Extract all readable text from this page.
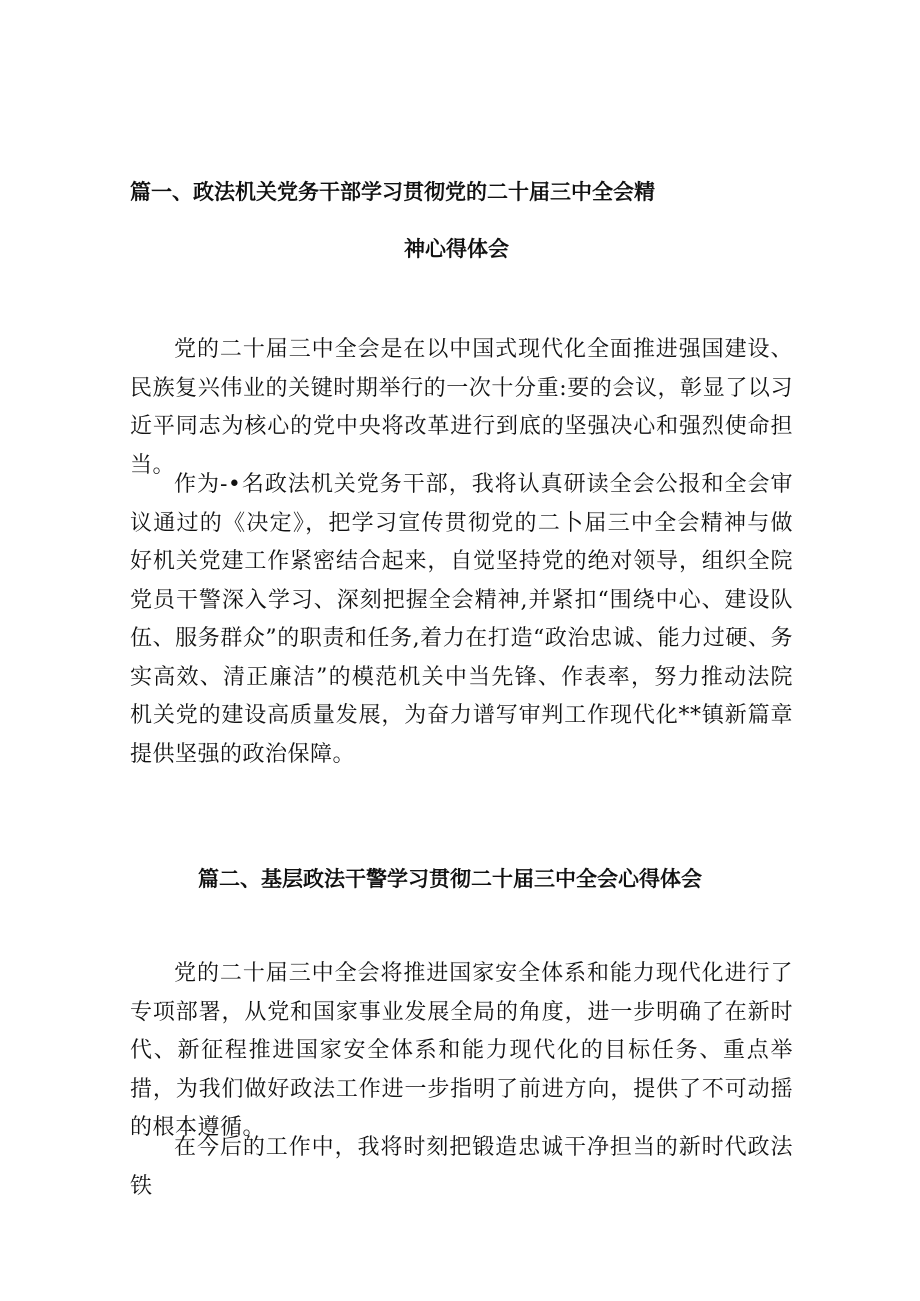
篇一、政法机关党务干部学习贯彻党的二十届三中全会精
神心得体会

党的二十届三中全会是在以中国式现代化全面推进强国建设、民族复兴伟业的关键时期举行的一次十分重:要的会议，彰显了以习近平同志为核心的党中央将改革进行到底的坚强决心和强烈使命担当。

作为-•名政法机关党务干部，我将认真研读全会公报和全会审议通过的《决定》，把学习宣传贯彻党的二卜届三中全会精神与做好机关党建工作紧密结合起来，自觉坚持党的绝对领导，组织全院党员干警深入学习、深刻把握全会精神,并紧扣“围绕中心、建设队伍、服务群众”的职责和任务,着力在打造“政治忠诚、能力过硬、务实高效、清正廉洁”的模范机关中当先锋、作表率，努力推动法院机关党的建设高质量发展，为奋力谱写审判工作现代化**镇新篇章提供坚强的政治保障。

篇二、基层政法干警学习贯彻二十届三中全会心得体会

党的二十届三中全会将推进国家安全体系和能力现代化进行了专项部署，从党和国家事业发展全局的角度，进一步明确了在新时代、新征程推进国家安全体系和能力现代化的目标任务、重点举措，为我们做好政法工作进一步指明了前进方向，提供了不可动摇的根本遵循。

在今后的工作中，我将时刻把锻造忠诚干净担当的新时代政法铁
